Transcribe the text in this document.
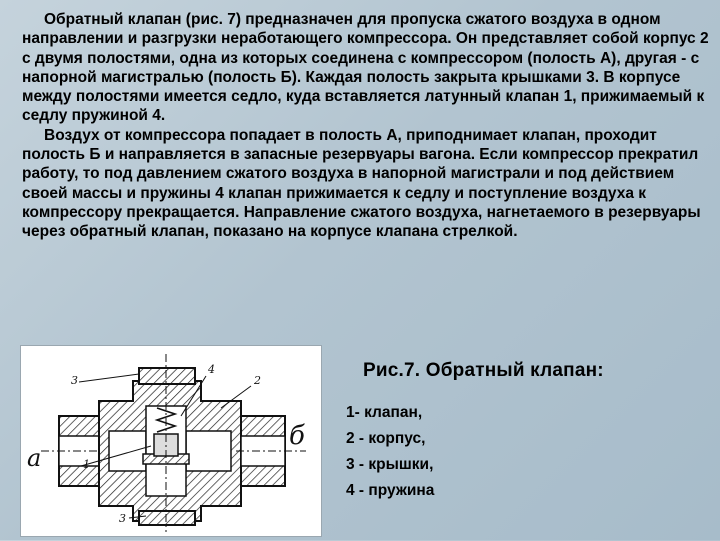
Обратный клапан (рис. 7) предназначен для пропуска сжатого воздуха в одном направлении и разгрузки неработающего компрессора. Он представляет собой корпус 2 с двумя полостями, одна из которых соединена с компрессором (полость А), другая - с напорной магистралью (полость Б). Каждая полость закрыта крышками 3. В корпусе между полостями имеется седло, куда вставляется латунный клапан 1, прижимаемый к седлу пружиной 4.

Воздух от компрессора попадает в полость А, приподнимает клапан, проходит полость Б и направляется в запасные резервуары вагона. Если компрессор прекратил работу, то под давлением сжатого воздуха в напорной магистрали и под действием своей массы и пружины 4 клапан прижимается к седлу и поступление воздуха к компрессору прекращается. Направление сжатого воздуха, нагнетаемого в резервуары через обратный клапан, показано на корпусе клапана стрелкой.

а
б
1
2
3
4
3
Рис.7. Обратный клапан:
1- клапан,
2 - корпус,
3 - крышки,
4 - пружина
